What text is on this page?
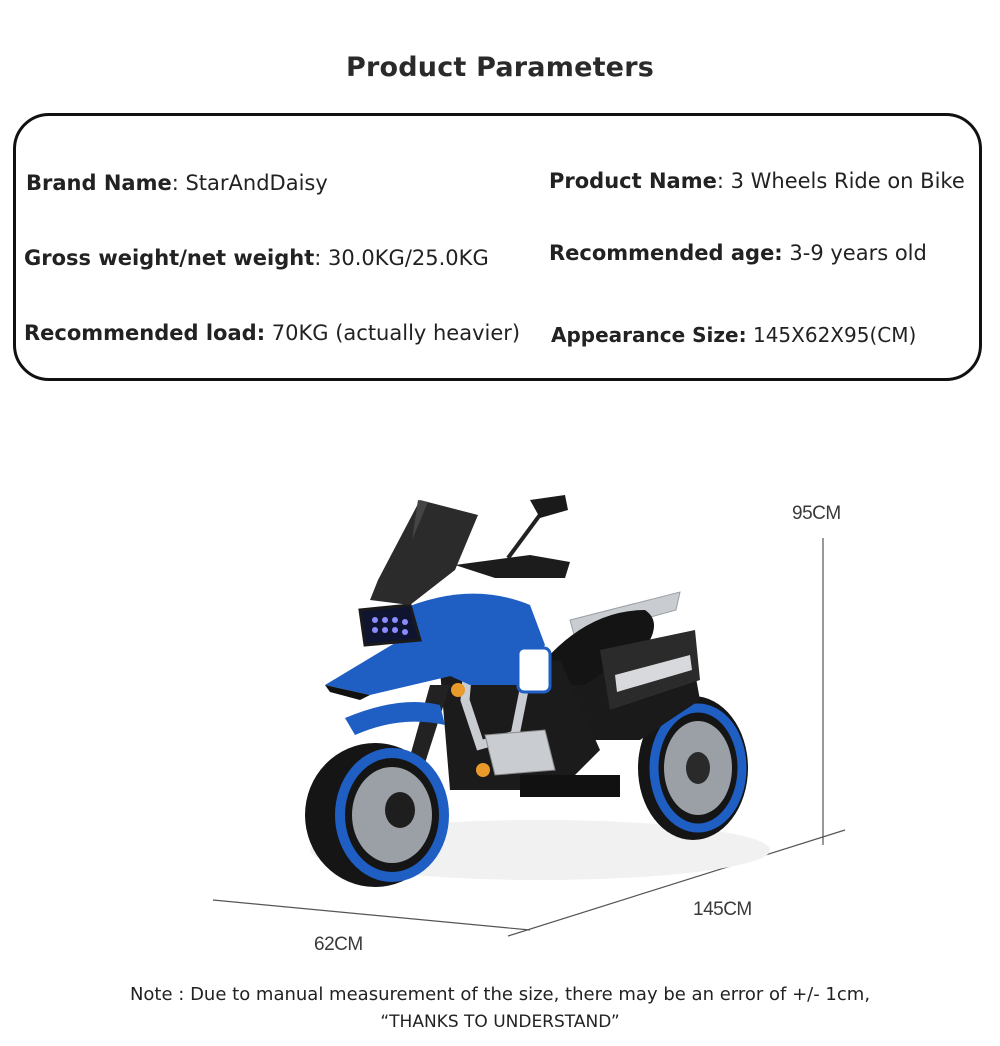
Product Parameters
Brand Name: StarAndDaisy	Product Name: 3 Wheels Ride on Bike
Gross weight/net weight: 30.0KG/25.0KG	Recommended age: 3-9 years old
Recommended load: 70KG (actually heavier) Appearance Size: 145X62X95(CM)
95CM
145CM
62CM
Note : Due to manual measurement of the size, there may be an error of +/- 1cm,
“THANKS TO UNDERSTAND”
